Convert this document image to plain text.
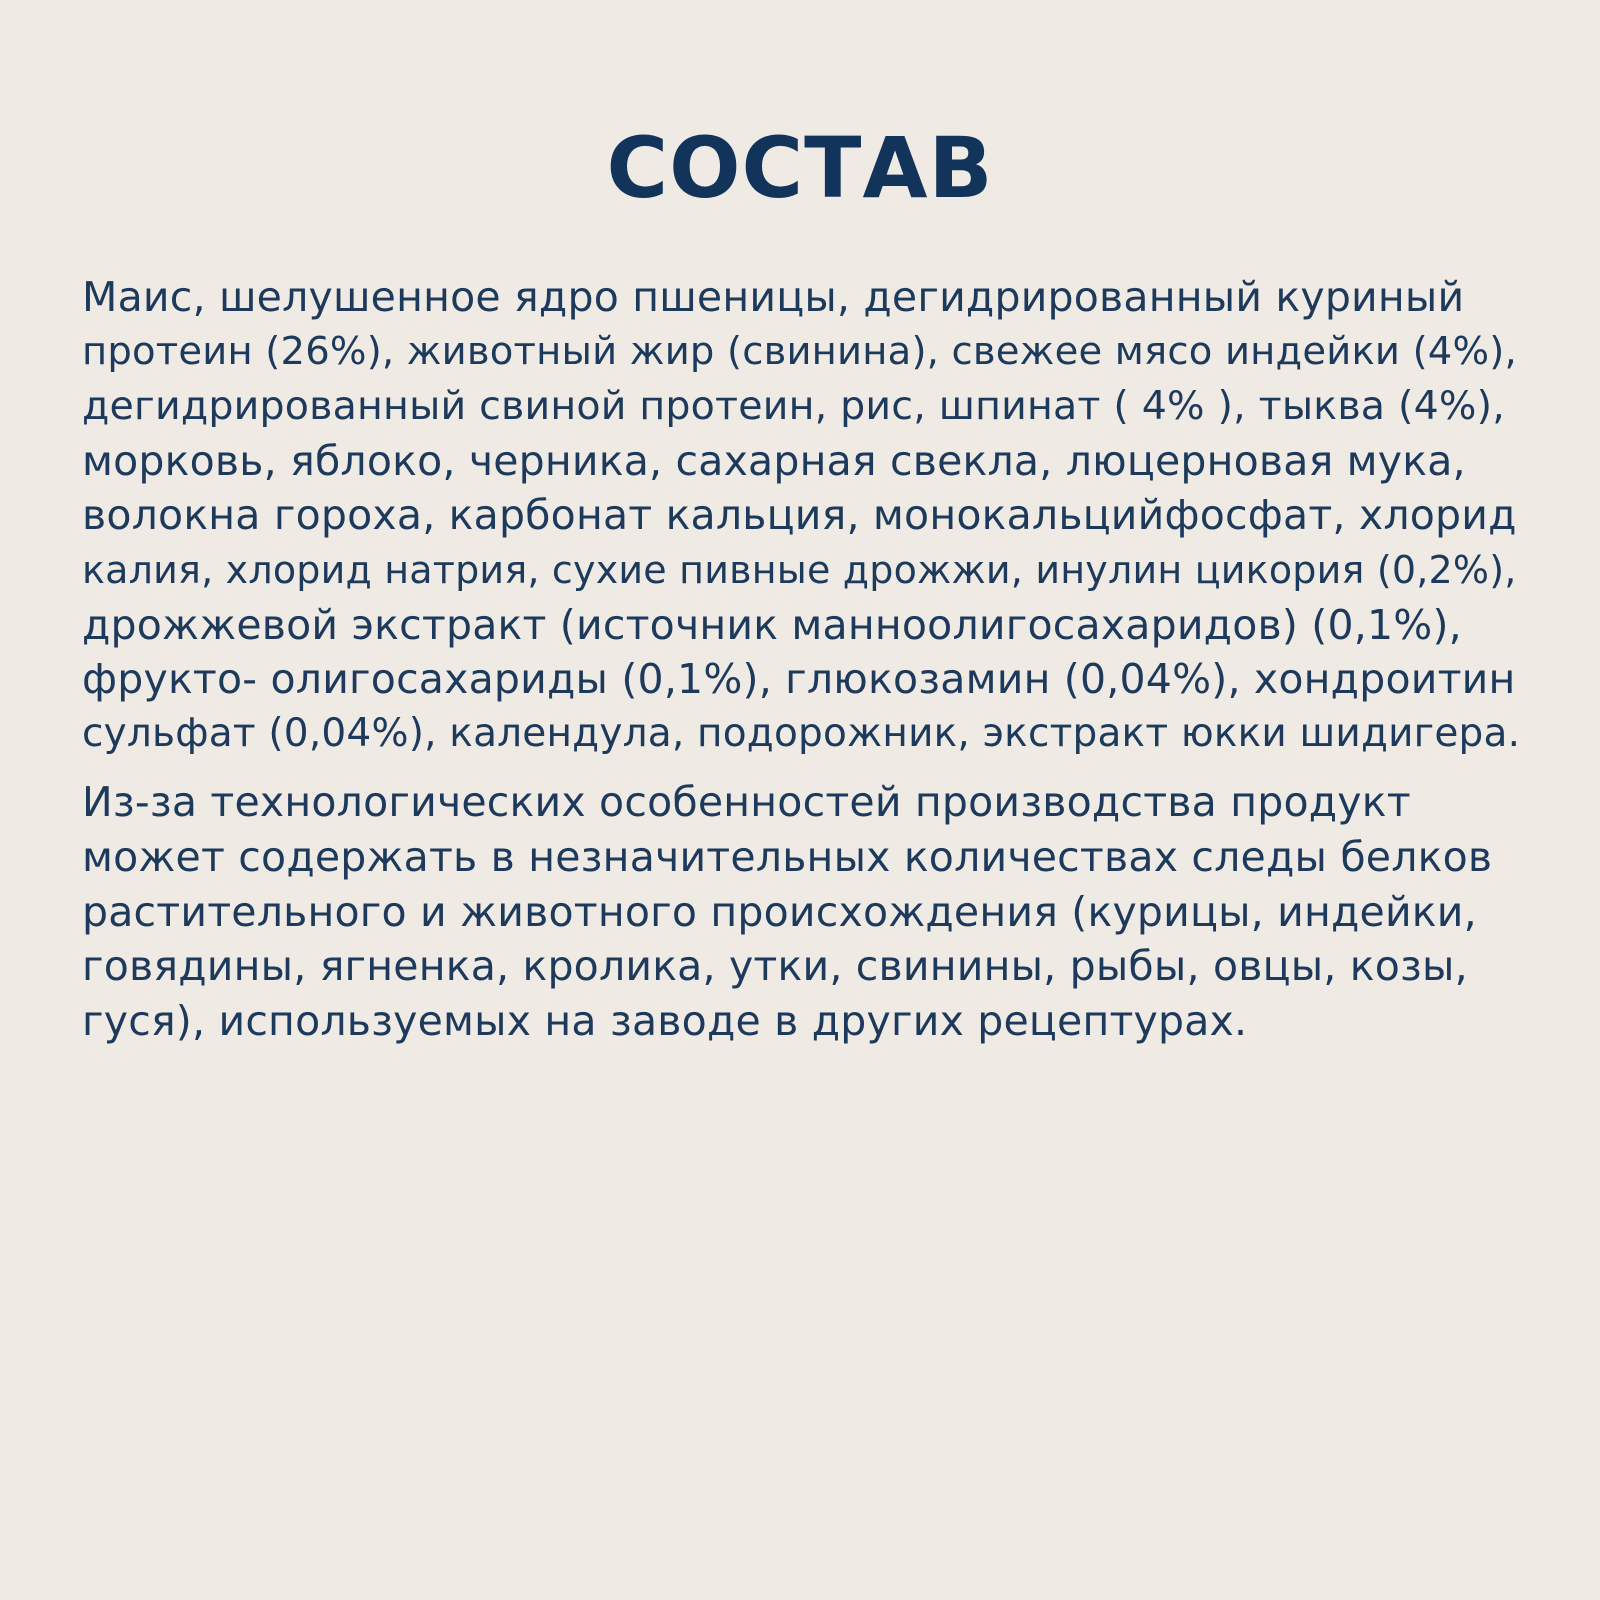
СОСТАВ

Маис, шелушенное ядро пшеницы, дегидрированный куриный
протеин (26%), животный жир (свинина), свежее мясо индейки (4%),
дегидрированный свиной протеин, рис, шпинат ( 4% ), тыква (4%),
морковь, яблоко, черника, сахарная свекла, люцерновая мука,
волокна гороха, карбонат кальция, монокальцийфосфат, хлорид
калия, хлорид натрия, сухие пивные дрожжи, инулин цикория (0,2%),
дрожжевой экстракт (источник манноолигосахаридов) (0,1%),
фрукто- олигосахариды (0,1%), глюкозамин (0,04%), хондроитин
сульфат (0,04%), календула, подорожник, экстракт юкки шидигера.

Из-за технологических особенностей производства продукт
может содержать в незначительных количествах следы белков
растительного и животного происхождения (курицы, индейки,
говядины, ягненка, кролика, утки, свинины, рыбы, овцы, козы,
гуся), используемых на заводе в других рецептурах.
